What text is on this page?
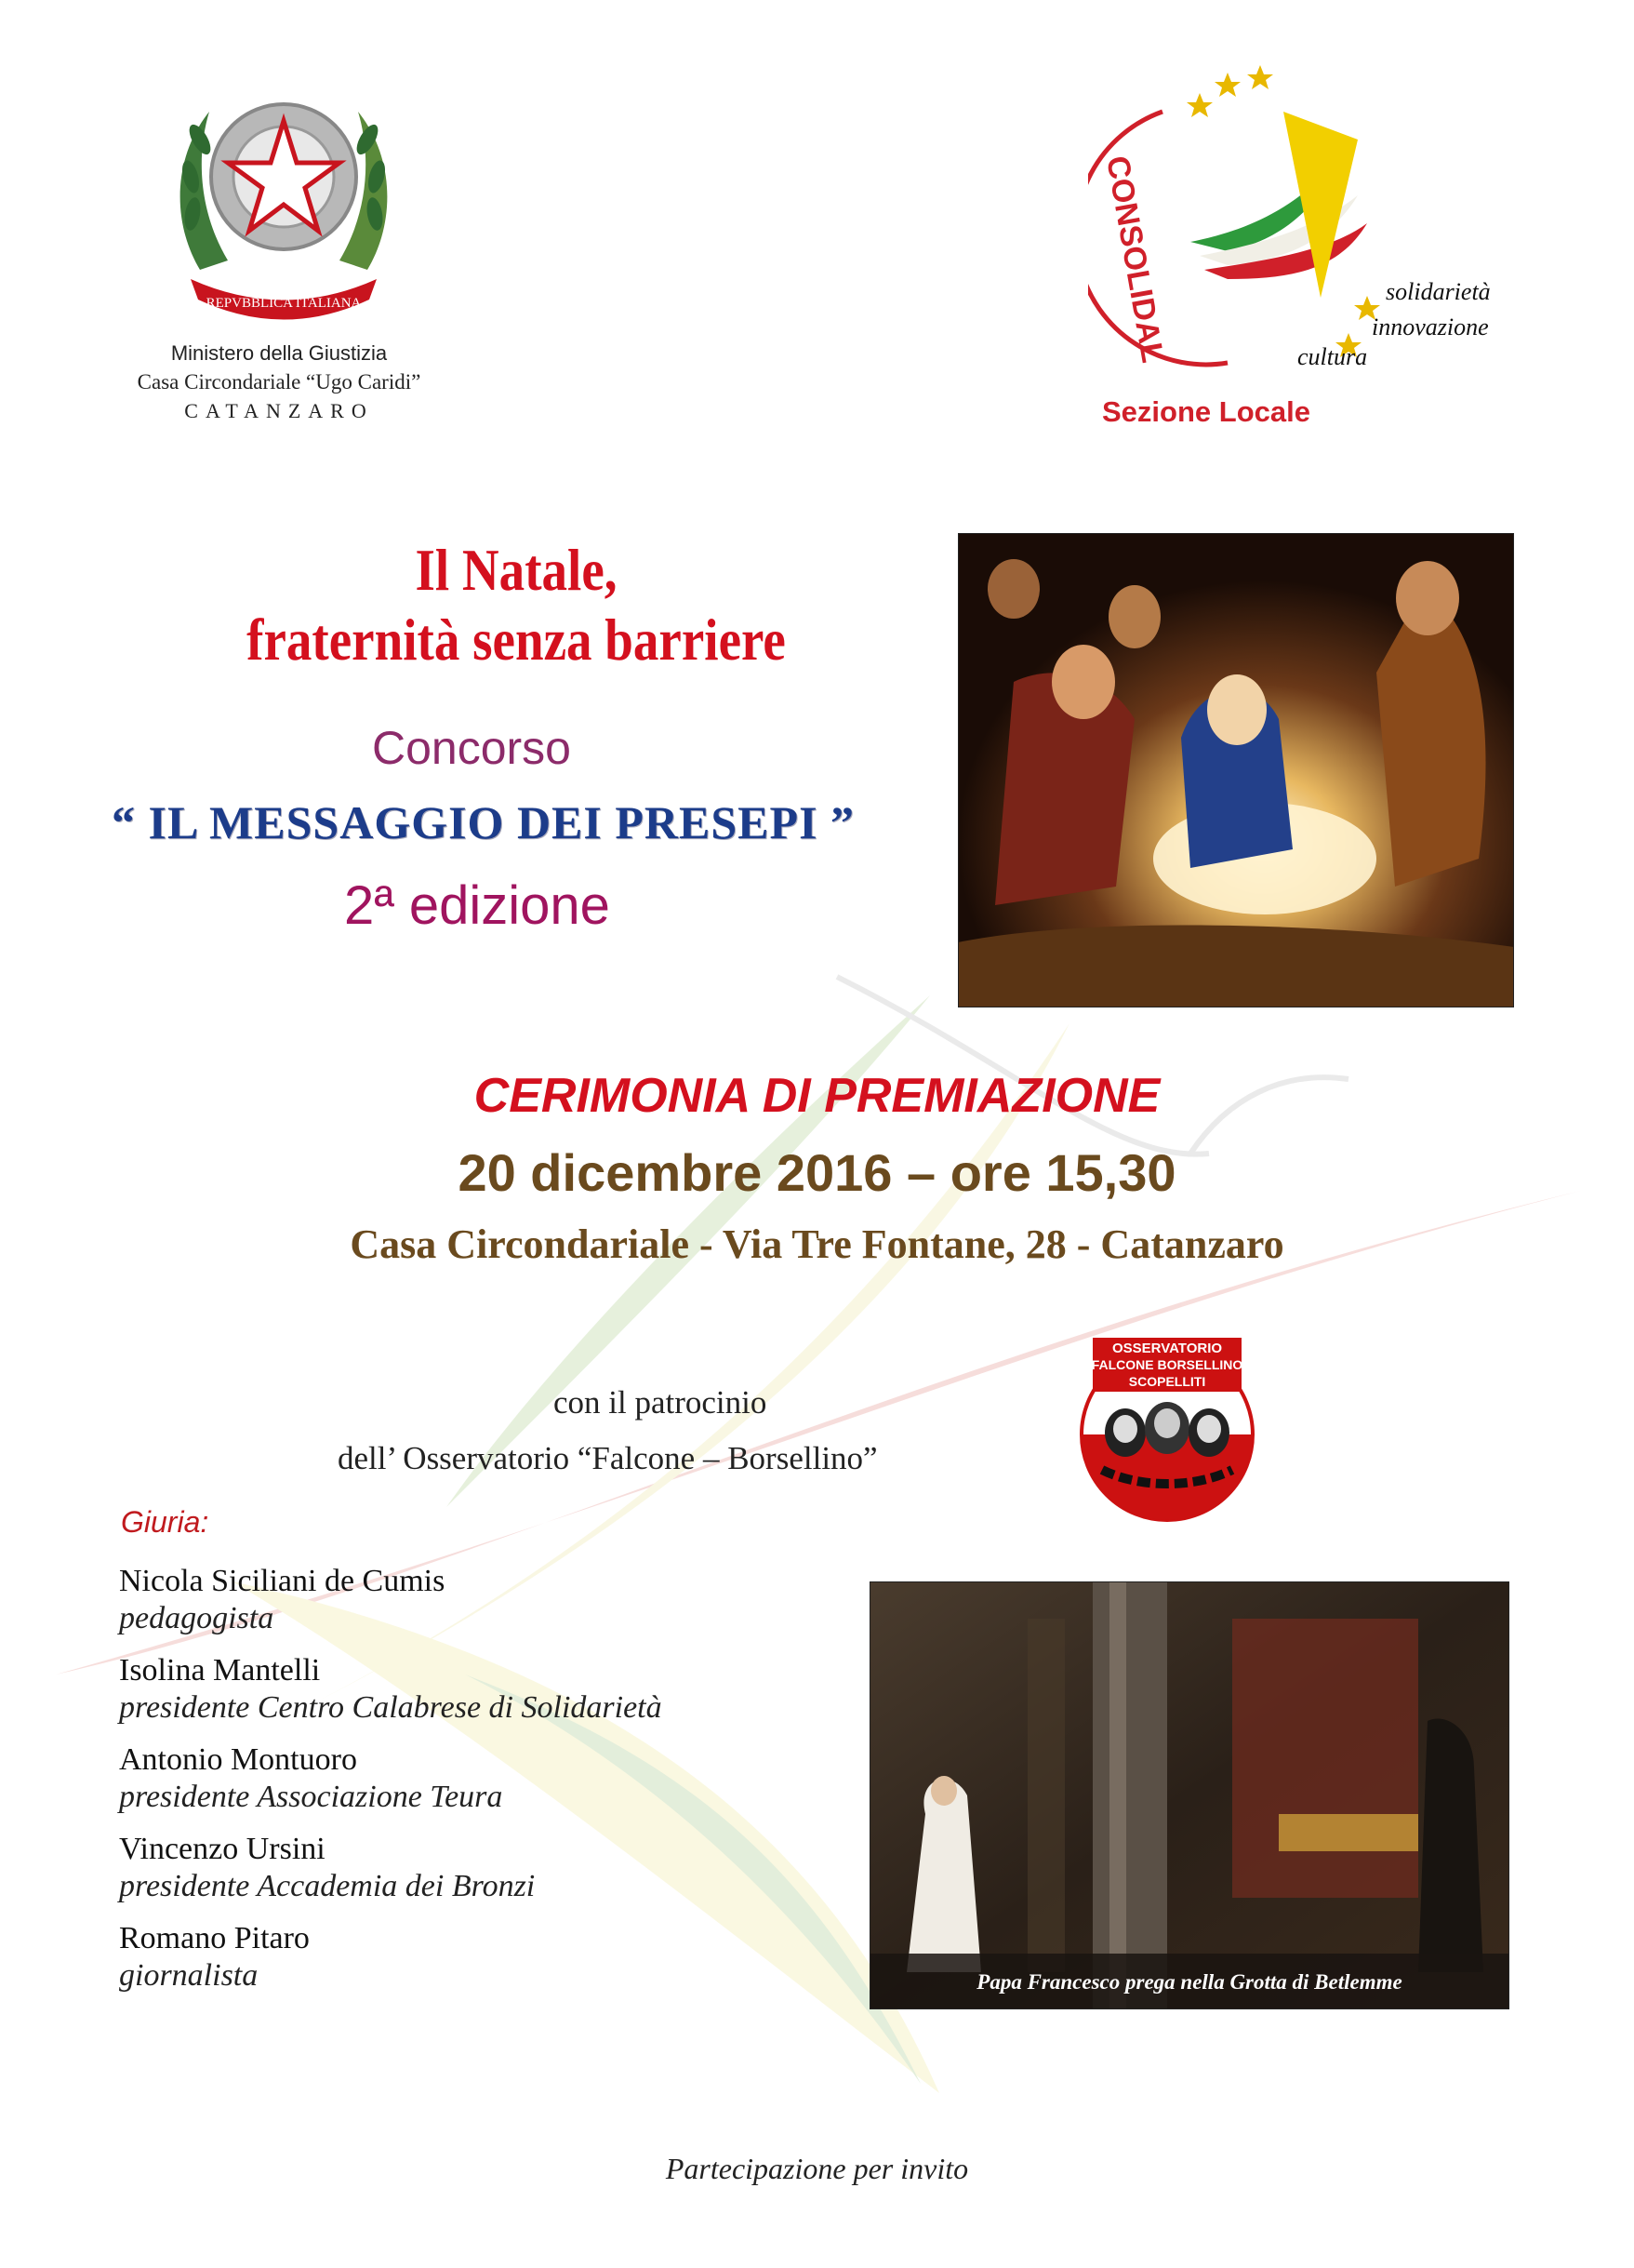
REPVBBLICA ITALIANA
Ministero della Giustizia
Casa Circondariale “Ugo Caridi”
CATANZARO
CONSOLIDAL	solidarietà
innovazione
cultura
Sezione Locale
Il Natale,
fraternità senza barriere
Concorso
“ IL MESSAGGIO DEI PRESEPI ”
2ª edizione
CERIMONIA DI PREMIAZIONE
20 dicembre 2016 – ore 15,30
Casa Circondariale - Via Tre Fontane, 28 - Catanzaro
con il patrocinio
dell’ Osservatorio “Falcone – Borsellino”
OSSERVATORIO
FALCONE BORSELLINO
SCOPELLITI
Giuria:
Nicola Siciliani de Cumis
pedagogista
Isolina Mantelli
presidente Centro Calabrese di Solidarietà
Antonio Montuoro
presidente Associazione Teura
Vincenzo Ursini
presidente Accademia dei Bronzi
Romano Pitaro
giornalista	Papa Francesco prega nella Grotta di Betlemme
Partecipazione per invito
